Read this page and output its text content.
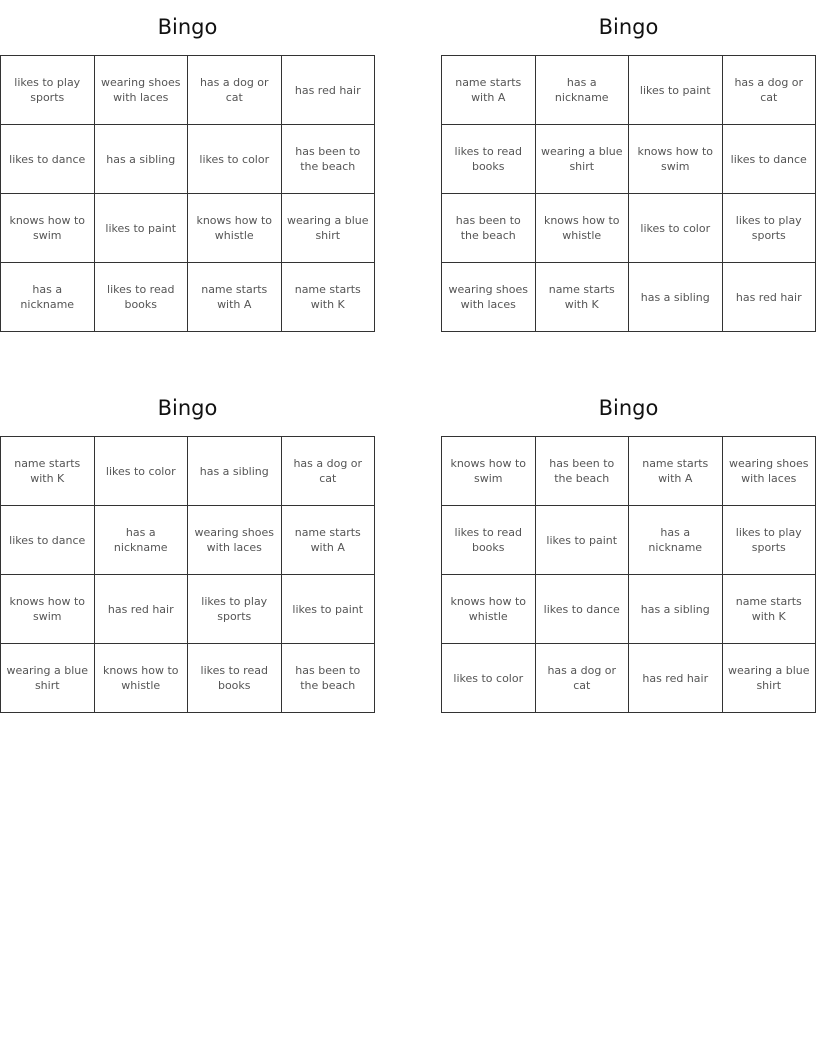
Bingo
likes to play sports	wearing shoes with laces	has a dog or cat	has red hair
likes to dance	has a sibling	likes to color	has been to the beach
knows how to swim	likes to paint	knows how to whistle	wearing a blue shirt
has a nickname	likes to read books	name starts with A	name starts with K
Bingo
name starts with A	has a nickname	likes to paint	has a dog or cat
likes to read books	wearing a blue shirt	knows how to swim	likes to dance
has been to the beach	knows how to whistle	likes to color	likes to play sports
wearing shoes with laces	name starts with K	has a sibling	has red hair
Bingo
name starts with K	likes to color	has a sibling	has a dog or cat
likes to dance	has a nickname	wearing shoes with laces	name starts with A
knows how to swim	has red hair	likes to play sports	likes to paint
wearing a blue shirt	knows how to whistle	likes to read books	has been to the beach
Bingo
knows how to swim	has been to the beach	name starts with A	wearing shoes with laces
likes to read books	likes to paint	has a nickname	likes to play sports
knows how to whistle	likes to dance	has a sibling	name starts with K
likes to color	has a dog or cat	has red hair	wearing a blue shirt
